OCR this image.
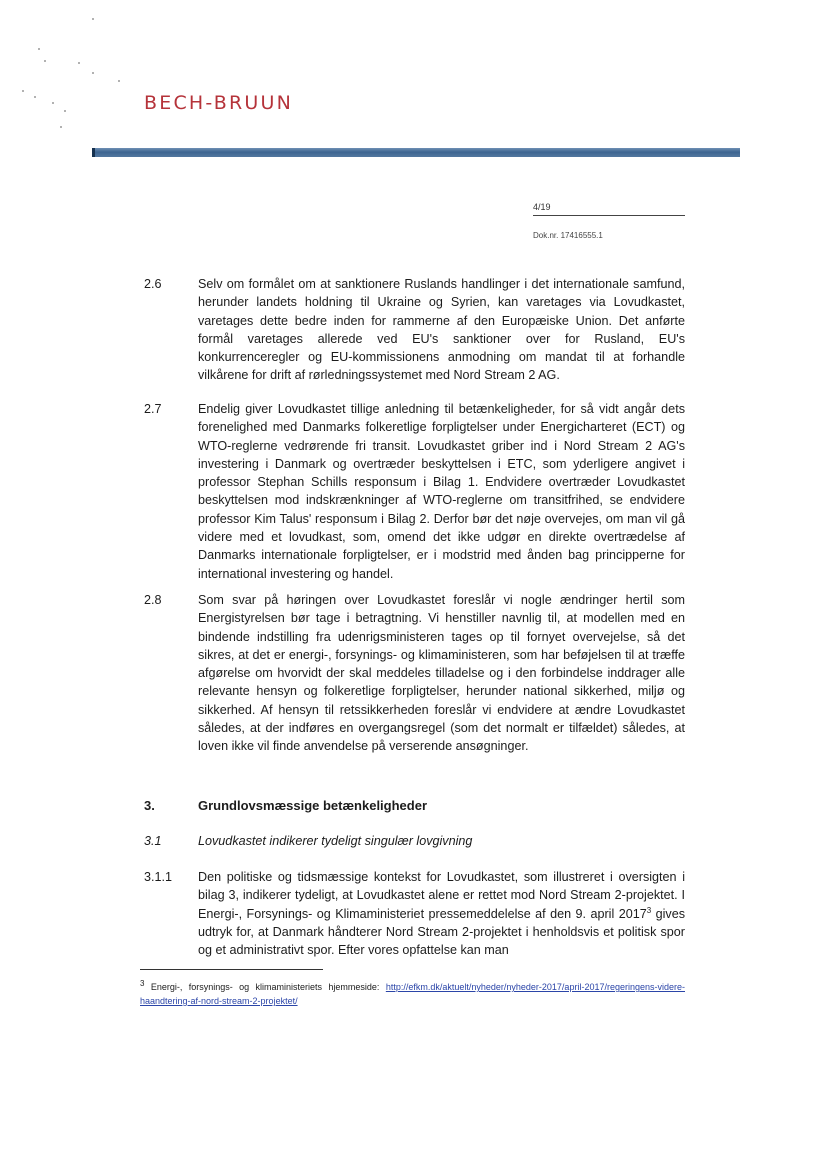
BECH-BRUUN
4/19
Dok.nr. 17416555.1
2.6	Selv om formålet om at sanktionere Ruslands handlinger i det internationale samfund, herunder landets holdning til Ukraine og Syrien, kan varetages via Lovudkastet, varetages dette bedre inden for rammerne af den Europæiske Union. Det anførte formål varetages allerede ved EU's sanktioner over for Rusland, EU's konkurrenceregler og EU-kommissionens anmodning om mandat til at forhandle vilkårene for drift af rørledningssystemet med Nord Stream 2 AG.
2.7	Endelig giver Lovudkastet tillige anledning til betænkeligheder, for så vidt angår dets forenelighed med Danmarks folkeretlige forpligtelser under Energicharteret (ECT) og WTO-reglerne vedrørende fri transit. Lovudkastet griber ind i Nord Stream 2 AG's investering i Danmark og overtræder beskyttelsen i ETC, som yderligere angivet i professor Stephan Schills responsum i Bilag 1. Endvidere overtræder Lovudkastet beskyttelsen mod indskrænkninger af WTO-reglerne om transitfrihed, se endvidere professor Kim Talus' responsum i Bilag 2. Derfor bør det nøje overvejes, om man vil gå videre med et lovudkast, som, omend det ikke udgør en direkte overtrædelse af Danmarks internationale forpligtelser, er i modstrid med ånden bag principperne for international investering og handel.
2.8	Som svar på høringen over Lovudkastet foreslår vi nogle ændringer hertil som Energistyrelsen bør tage i betragtning. Vi henstiller navnlig til, at modellen med en bindende indstilling fra udenrigsministeren tages op til fornyet overvejelse, så det sikres, at det er energi-, forsynings- og klimaministeren, som har beføjelsen til at træffe afgørelse om hvorvidt der skal meddeles tilladelse og i den forbindelse inddrager alle relevante hensyn og folkeretlige forpligtelser, herunder national sikkerhed, miljø og sikkerhed. Af hensyn til retssikkerheden foreslår vi endvidere at ændre Lovudkastet således, at der indføres en overgangsregel (som det normalt er tilfældet) således, at loven ikke vil finde anvendelse på verserende ansøgninger.
3.	Grundlovsmæssige betænkeligheder
3.1	Lovudkastet indikerer tydeligt singulær lovgivning
3.1.1	Den politiske og tidsmæssige kontekst for Lovudkastet, som illustreret i oversigten i bilag 3, indikerer tydeligt, at Lovudkastet alene er rettet mod Nord Stream 2-projektet. I Energi-, Forsynings- og Klimaministeriet pressemeddelelse af den 9. april 2017$^3$ gives udtryk for, at Danmark håndterer Nord Stream 2-projektet i henholdsvis et politisk spor og et administrativt spor. Efter vores opfattelse kan man
$^3$ Energi-, forsynings- og klimaministeriets hjemmeside: http://efkm.dk/aktuelt/nyheder/nyheder-2017/april-2017/regeringens-videre-haandtering-af-nord-stream-2-projektet/
